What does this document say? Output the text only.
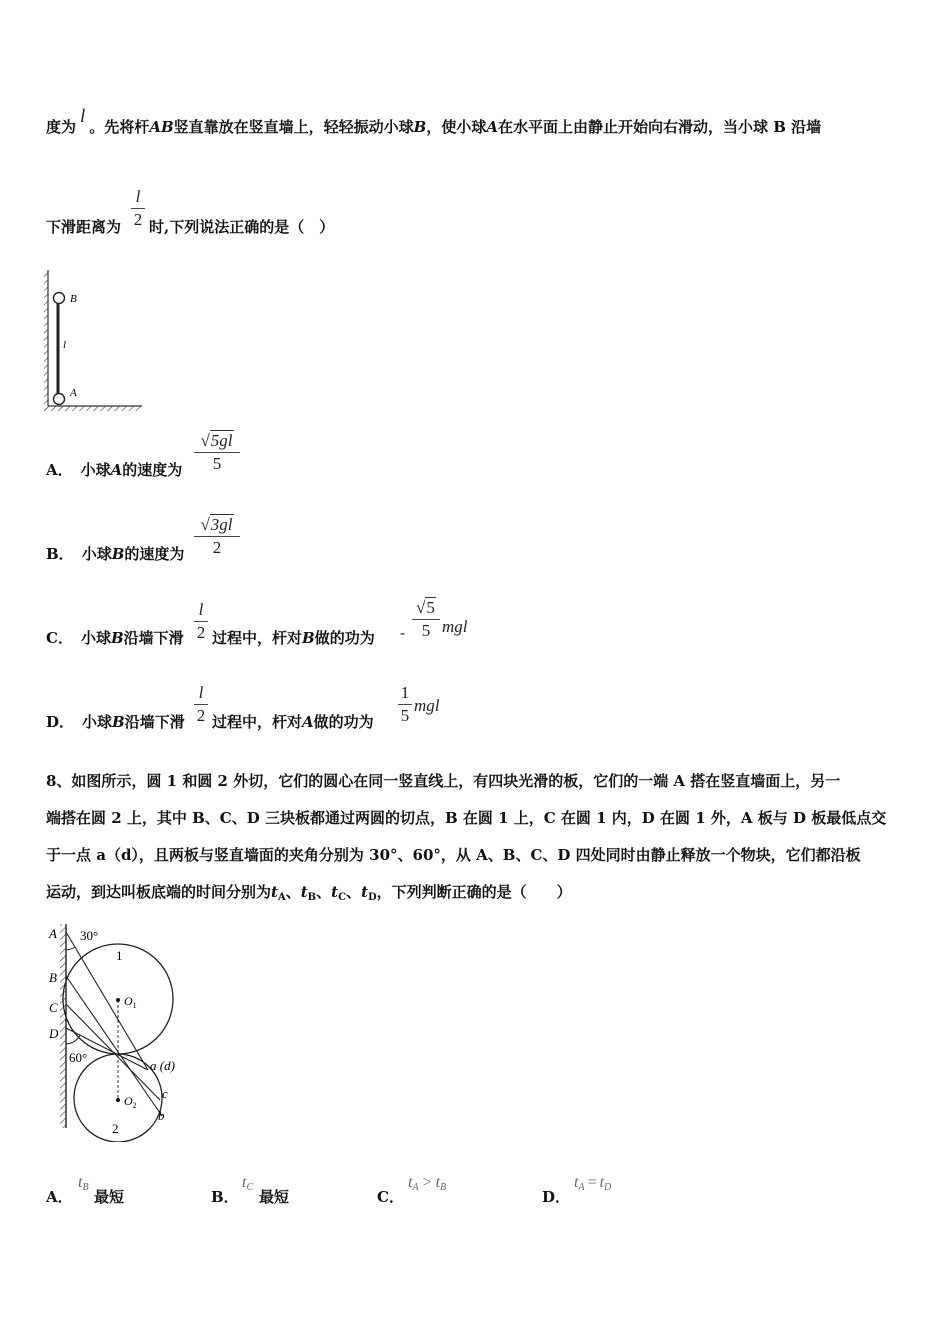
度为 l 。先将杆AB竖直靠放在竖直墙上，轻轻振动小球B，使小球A在水平面上由静止开始向右滑动，当小球 B 沿墙
下滑距离为
l
2 时,下列说法正确的是（　）
B
A
l
A． 小球A的速度为
√5gl
5
B． 小球B的速度为
√3gl
2
C． 小球B沿墙下滑
l
2 过程中，杆对B做的功为 -
√5
5 mgl
D． 小球B沿墙下滑
l
2 过程中，杆对A做的功为
1
5
mgl
8、如图所示，圆 1 和圆 2 外切，它们的圆心在同一竖直线上，有四块光滑的板，它们的一端 A 搭在竖直墙面上，另一
端搭在圆 2 上，其中 B、C、D 三块板都通过两圆的切点，B 在圆 1 上，C 在圆 1 内，D 在圆 1 外，A 板与 D 板最低点交
于一点 a（d），且两板与竖直墙面的夹角分别为 30°、60°，从 A、B、C、D 四处同时由静止释放一个物块，它们都沿板
运动，到达叫板底端的时间分别为$t_A$、$t_B$、$t_C$、$t_D$，下列判断正确的是（　　）
A 30°
1
B
C
D
60°
$O_1$
$O_2$
a (d)
c
b
2
A．
$t_B$
最短	B．
$t_C$
最短	C．
$t_A > t_B$
D．
$t_A = t_D$
